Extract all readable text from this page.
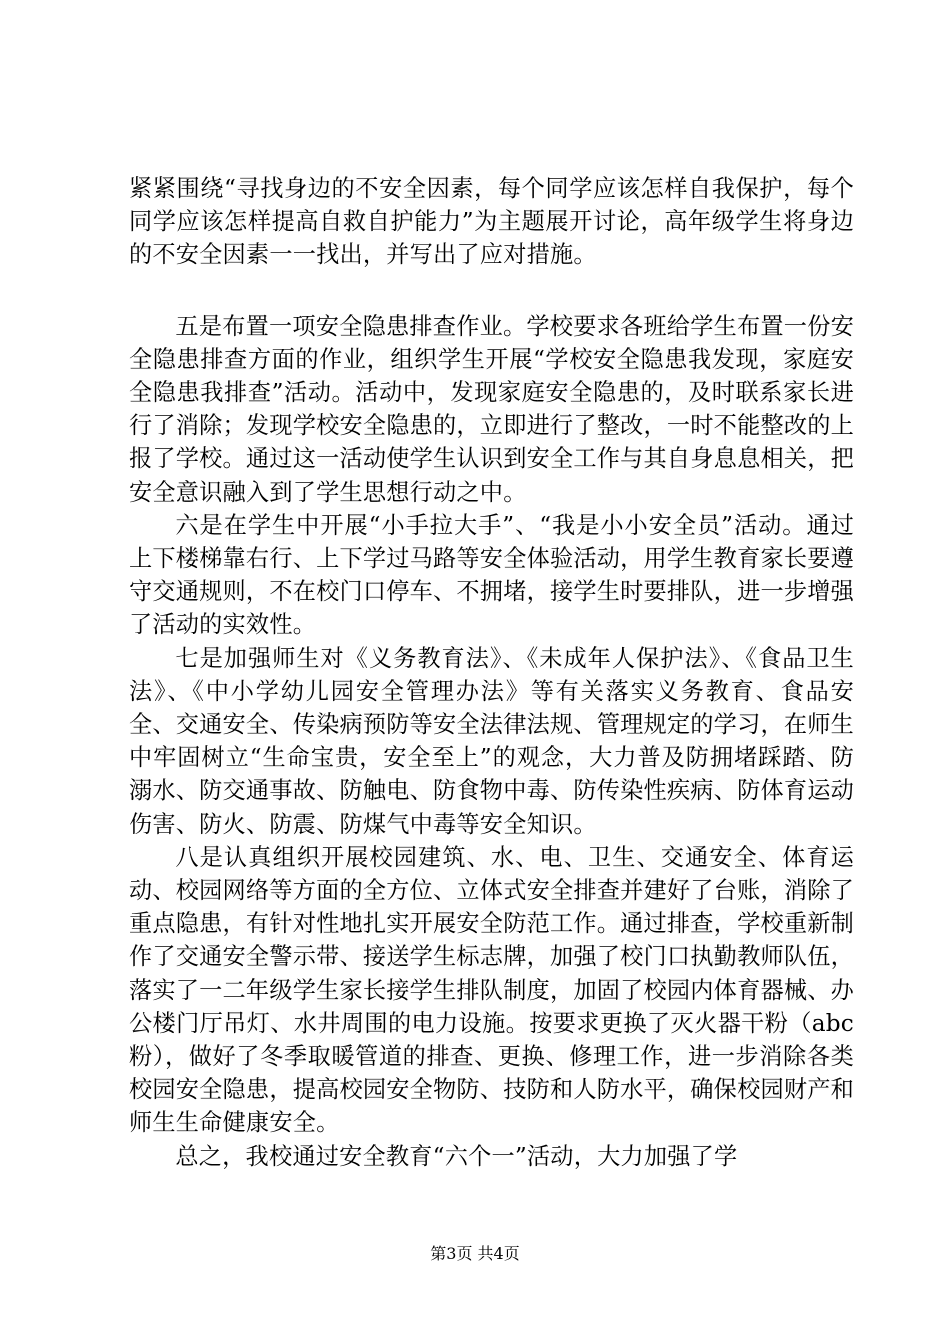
紧紧围绕“寻找身边的不安全因素，每个同学应该怎样自我保护，每个同学应该怎样提高自救自护能力”为主题展开讨论，高年级学生将身边的不安全因素一一找出，并写出了应对措施。

五是布置一项安全隐患排查作业。学校要求各班给学生布置一份安全隐患排查方面的作业，组织学生开展“学校安全隐患我发现，家庭安全隐患我排查”活动。活动中，发现家庭安全隐患的，及时联系家长进行了消除；发现学校安全隐患的，立即进行了整改，一时不能整改的上报了学校。通过这一活动使学生认识到安全工作与其自身息息相关，把安全意识融入到了学生思想行动之中。

六是在学生中开展“小手拉大手”、“我是小小安全员”活动。通过上下楼梯靠右行、上下学过马路等安全体验活动，用学生教育家长要遵守交通规则，不在校门口停车、不拥堵，接学生时要排队，进一步增强了活动的实效性。

七是加强师生对《义务教育法》、《未成年人保护法》、《食品卫生法》、《中小学幼儿园安全管理办法》等有关落实义务教育、食品安全、交通安全、传染病预防等安全法律法规、管理规定的学习，在师生中牢固树立“生命宝贵，安全至上”的观念，大力普及防拥堵踩踏、防溺水、防交通事故、防触电、防食物中毒、防传染性疾病、防体育运动伤害、防火、防震、防煤气中毒等安全知识。

八是认真组织开展校园建筑、水、电、卫生、交通安全、体育运动、校园网络等方面的全方位、立体式安全排查并建好了台账，消除了重点隐患，有针对性地扎实开展安全防范工作。通过排查，学校重新制作了交通安全警示带、接送学生标志牌，加强了校门口执勤教师队伍，落实了一二年级学生家长接学生排队制度，加固了校园内体育器械、办公楼门厅吊灯、水井周围的电力设施。按要求更换了灭火器干粉（abc粉），做好了冬季取暖管道的排查、更换、修理工作，进一步消除各类校园安全隐患，提高校园安全物防、技防和人防水平，确保校园财产和师生生命健康安全。

总之，我校通过安全教育“六个一”活动，大力加强了学

第3页 共4页
